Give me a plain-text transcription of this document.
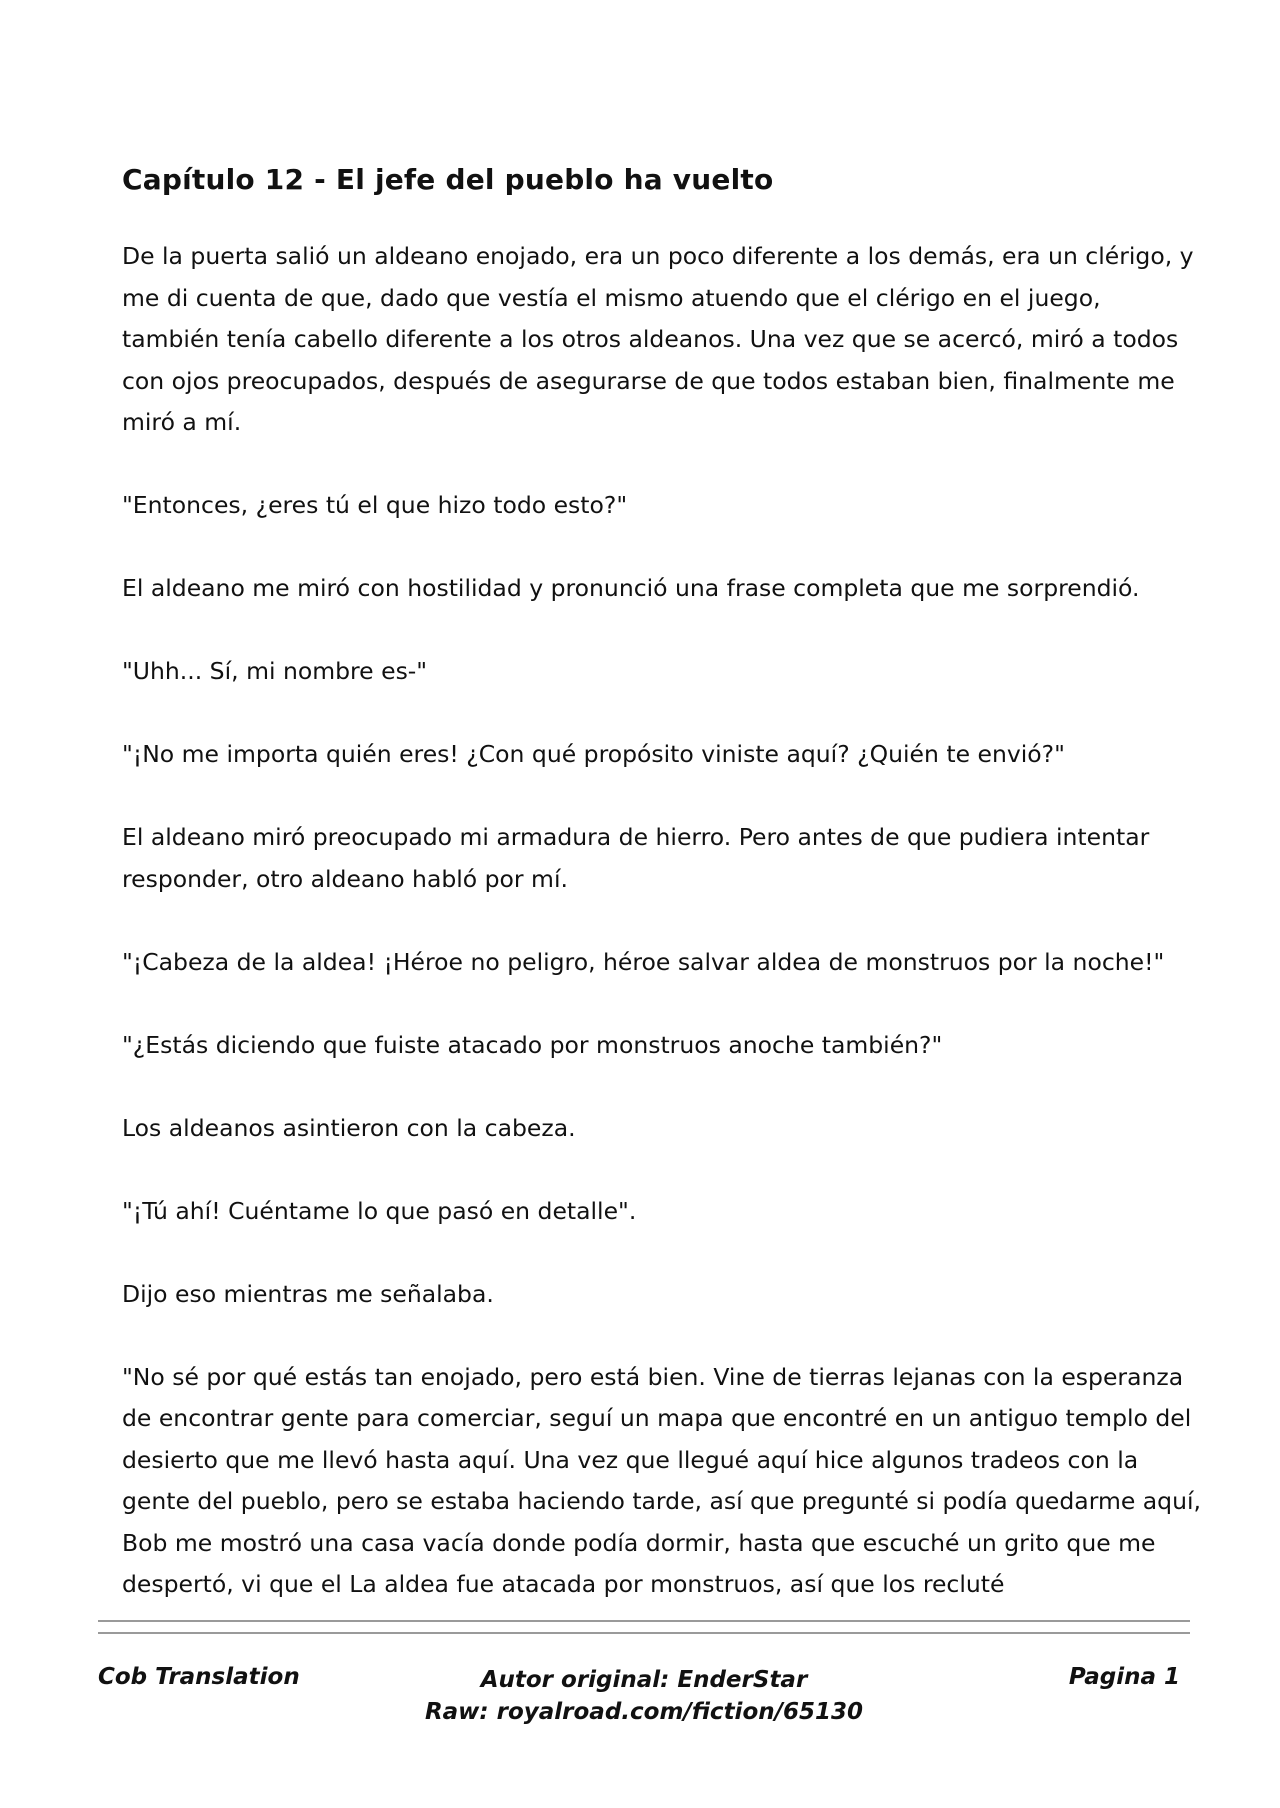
Capítulo 12 - El jefe del pueblo ha vuelto

De la puerta salió un aldeano enojado, era un poco diferente a los demás, era un clérigo, y me di cuenta de que, dado que vestía el mismo atuendo que el clérigo en el juego, también tenía cabello diferente a los otros aldeanos. Una vez que se acercó, miró a todos con ojos preocupados, después de asegurarse de que todos estaban bien, finalmente me miró a mí.

"Entonces, ¿eres tú el que hizo todo esto?"

El aldeano me miró con hostilidad y pronunció una frase completa que me sorprendió.

"Uhh... Sí, mi nombre es-"

"¡No me importa quién eres! ¿Con qué propósito viniste aquí? ¿Quién te envió?"

El aldeano miró preocupado mi armadura de hierro. Pero antes de que pudiera intentar responder, otro aldeano habló por mí.

"¡Cabeza de la aldea! ¡Héroe no peligro, héroe salvar aldea de monstruos por la noche!"

"¿Estás diciendo que fuiste atacado por monstruos anoche también?"

Los aldeanos asintieron con la cabeza.

"¡Tú ahí! Cuéntame lo que pasó en detalle".

Dijo eso mientras me señalaba.

"No sé por qué estás tan enojado, pero está bien. Vine de tierras lejanas con la esperanza de encontrar gente para comerciar, seguí un mapa que encontré en un antiguo templo del desierto que me llevó hasta aquí. Una vez que llegué aquí hice algunos tradeos con la gente del pueblo, pero se estaba haciendo tarde, así que pregunté si podía quedarme aquí, Bob me mostró una casa vacía donde podía dormir, hasta que escuché un grito que me despertó, vi que el La aldea fue atacada por monstruos, así que los recluté

Cob Translation	Autor original: EnderStar
Raw: royalroad.com/fiction/65130
Pagina 1
